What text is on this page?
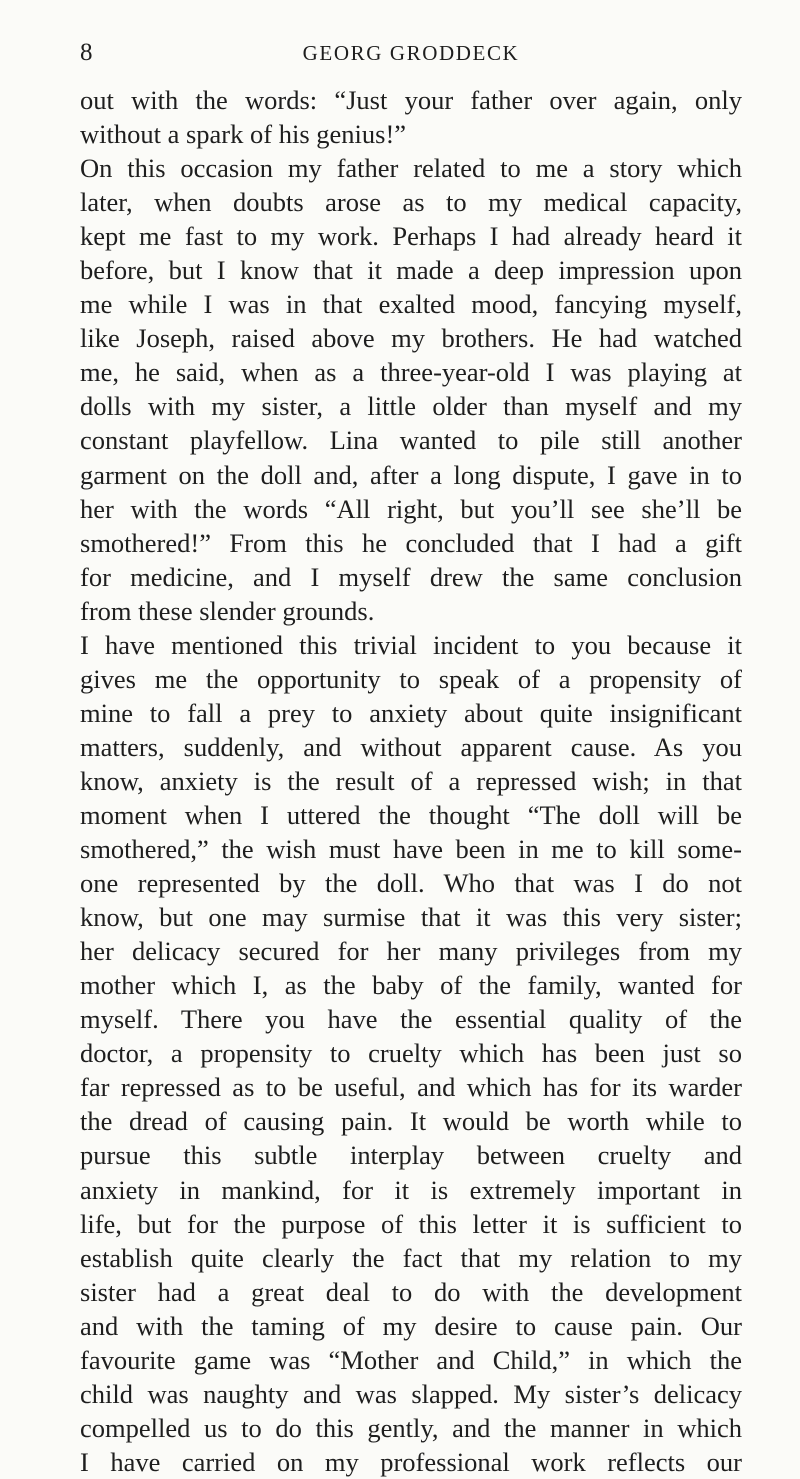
8	GEORG GRODDECK
out with the words: “Just your father over again, only
without a spark of his genius!”
On this occasion my father related to me a story which
later, when doubts arose as to my medical capacity,
kept me fast to my work. Perhaps I had already heard it
before, but I know that it made a deep impression upon
me while I was in that exalted mood, fancying myself,
like Joseph, raised above my brothers. He had watched
me, he said, when as a three-year-old I was playing at
dolls with my sister, a little older than myself and my
constant playfellow. Lina wanted to pile still another
garment on the doll and, after a long dispute, I gave in to
her with the words “All right, but you’ll see she’ll be
smothered!” From this he concluded that I had a gift
for medicine, and I myself drew the same conclusion
from these slender grounds.
I have mentioned this trivial incident to you because it
gives me the opportunity to speak of a propensity of
mine to fall a prey to anxiety about quite insignificant
matters, suddenly, and without apparent cause. As you
know, anxiety is the result of a repressed wish; in that
moment when I uttered the thought “The doll will be
smothered,” the wish must have been in me to kill some-
one represented by the doll. Who that was I do not
know, but one may surmise that it was this very sister;
her delicacy secured for her many privileges from my
mother which I, as the baby of the family, wanted for
myself. There you have the essential quality of the
doctor, a propensity to cruelty which has been just so
far repressed as to be useful, and which has for its warder
the dread of causing pain. It would be worth while to
pursue this subtle interplay between cruelty and
anxiety in mankind, for it is extremely important in
life, but for the purpose of this letter it is sufficient to
establish quite clearly the fact that my relation to my
sister had a great deal to do with the development
and with the taming of my desire to cause pain. Our
favourite game was “Mother and Child,” in which the
child was naughty and was slapped. My sister’s delicacy
compelled us to do this gently, and the manner in which
I have carried on my professional work reflects our
